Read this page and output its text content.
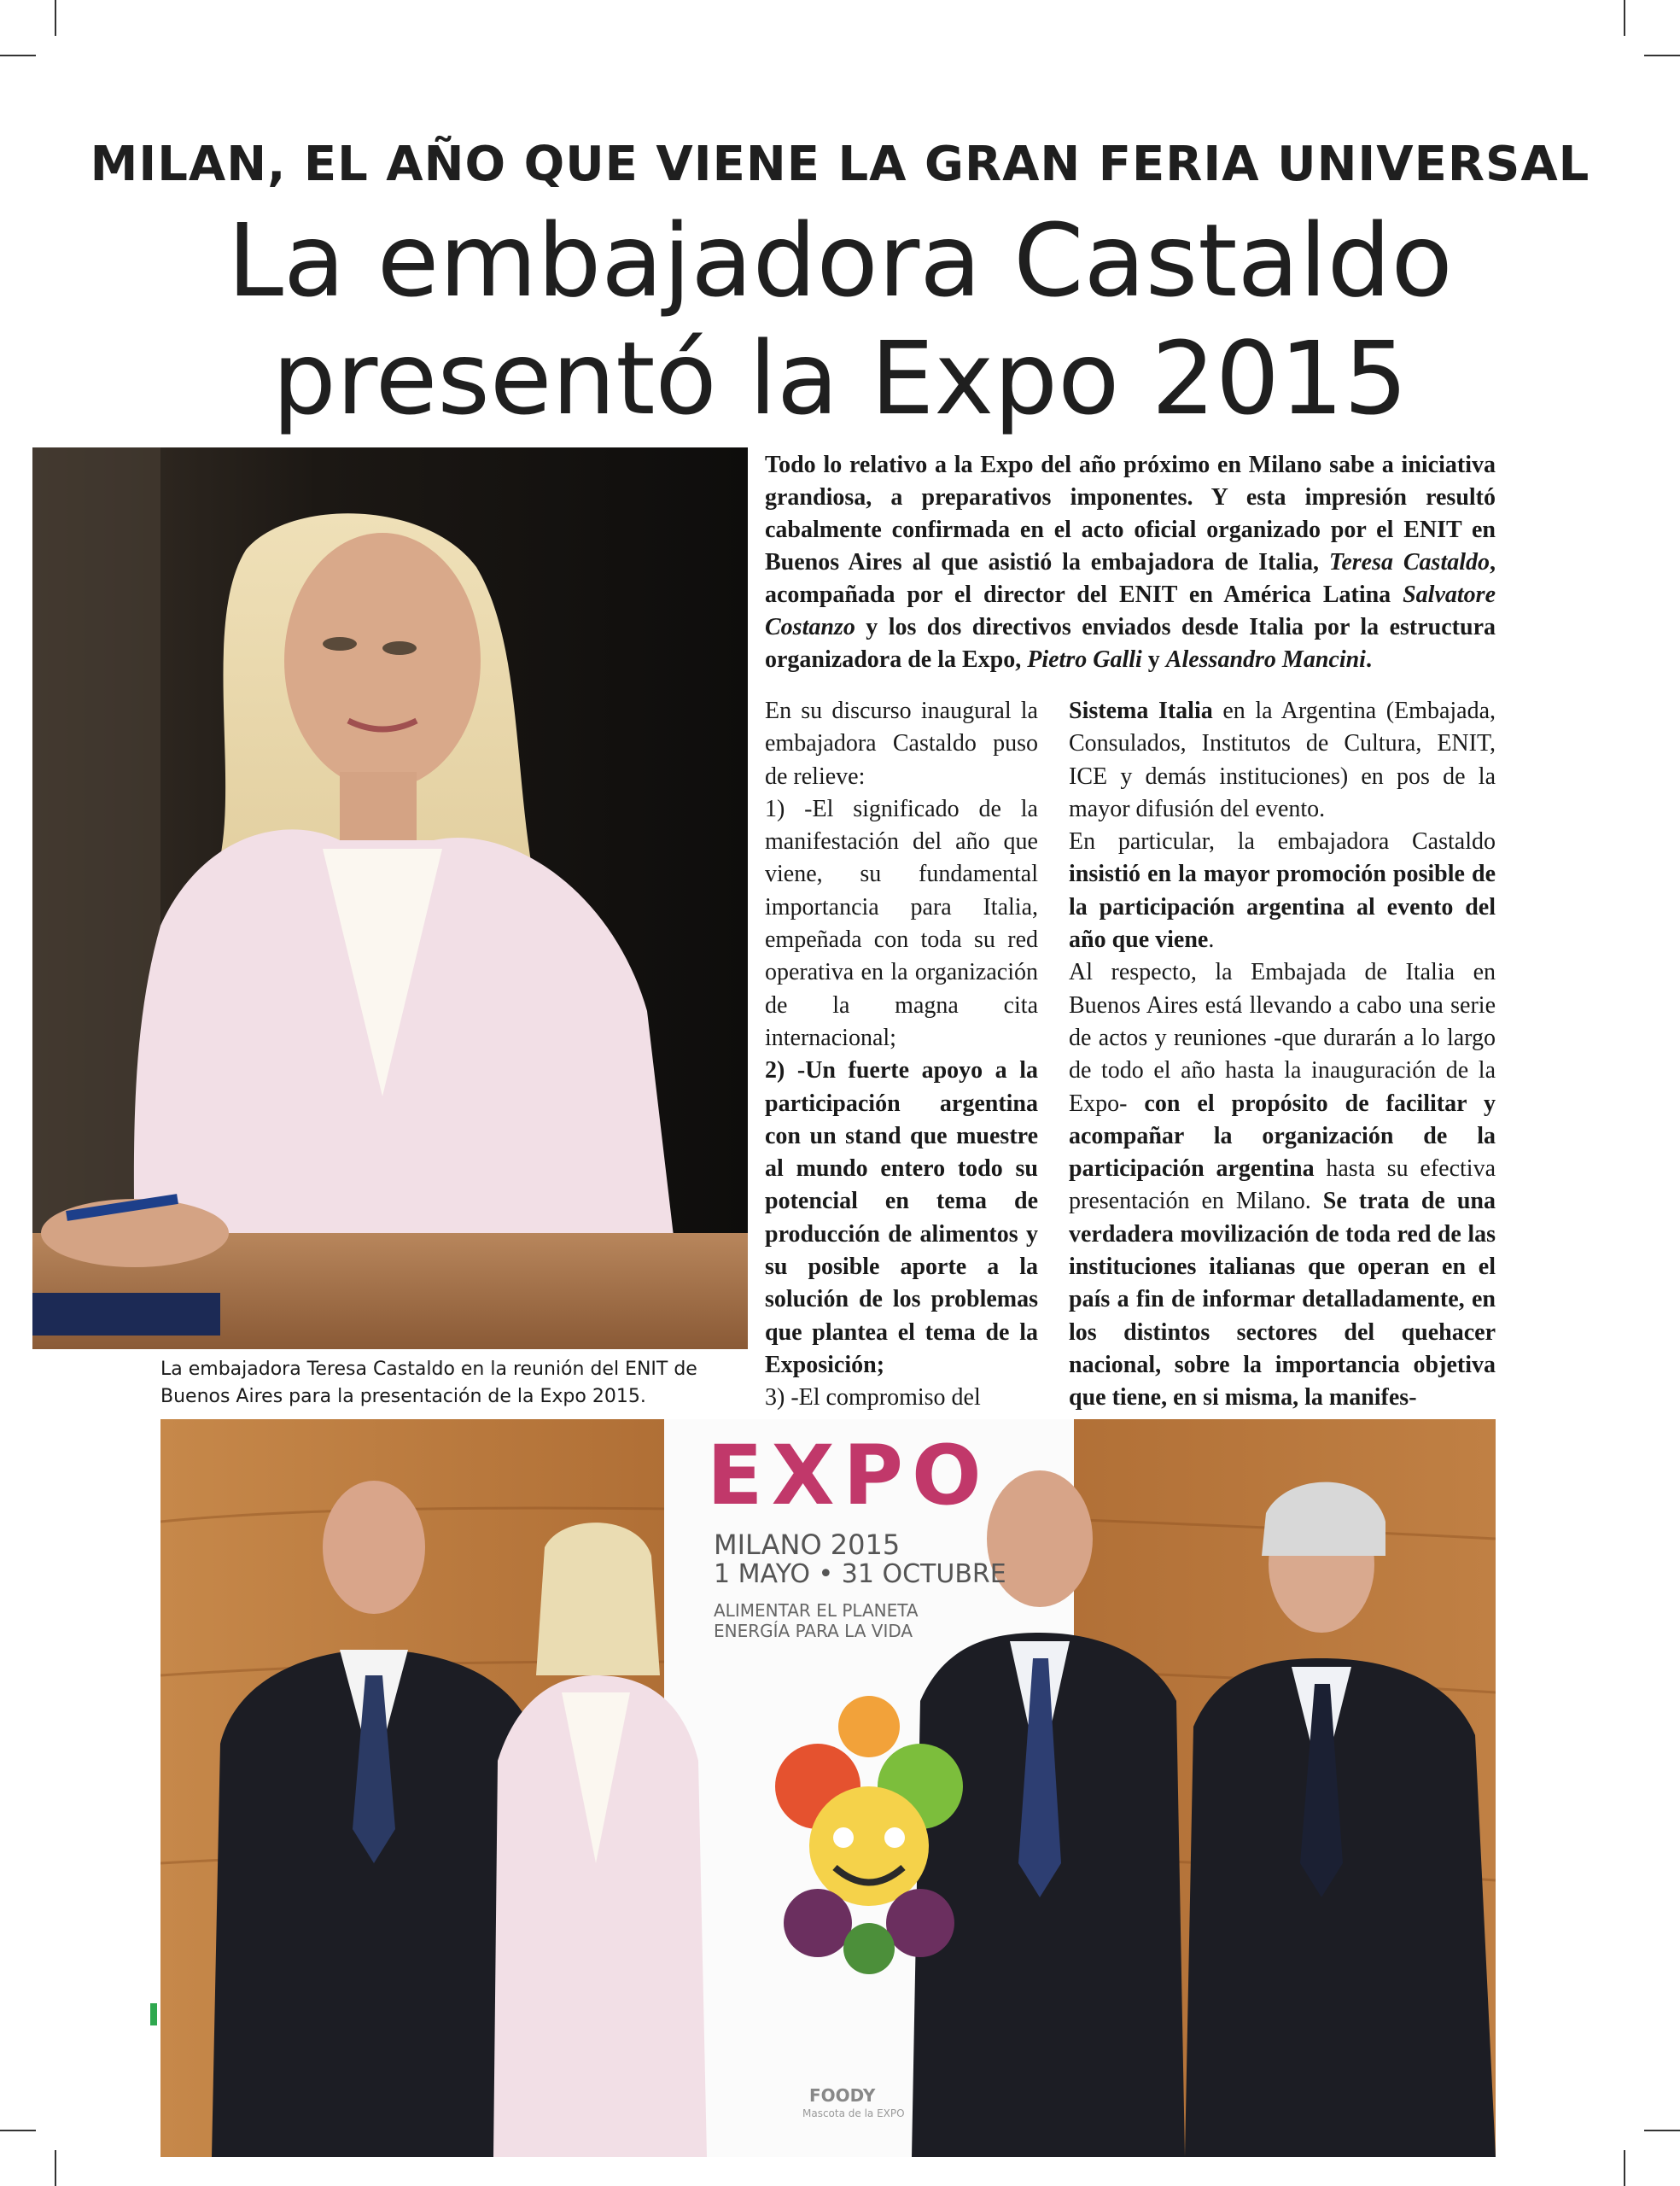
MILAN, EL AÑO QUE VIENE LA GRAN FERIA UNIVERSAL
La embajadora Castaldo
presentó la Expo 2015
La embajadora Teresa Castaldo en la reunión del ENIT de Buenos Aires para la presentación de la Expo 2015.
Todo lo relativo a la Expo del año próximo en Milano sabe a iniciativa grandiosa, a preparativos imponentes. Y esta impresión resultó cabalmente confirmada en el acto oficial organizado por el ENIT en Buenos Aires al que asistió la embajadora de Italia, Teresa Castaldo, acompañada por el director del ENIT en América Latina Salvatore Costanzo y los dos directivos enviados desde Italia por la estructura organizadora de la Expo, Pietro Galli y Alessandro Mancini.

En su discurso inaugural la embajadora Castaldo puso de relieve:

1) -El significado de la manifestación del año que viene, su fundamental importancia para Italia, empeñada con toda su red operativa en la organización de la magna cita internacional;

2) -Un fuerte apoyo a la participación argentina con un stand que muestre al mundo entero todo su potencial en tema de producción de alimentos y su posible aporte a la solución de los problemas que plantea el tema de la Exposición;

3) -El compromiso del

Sistema Italia en la Argentina (Embajada, Consulados, Institutos de Cultura, ENIT, ICE y demás instituciones) en pos de la mayor difusión del evento.

En particular, la embajadora Castaldo insistió en la mayor promoción posible de la participación argentina al evento del año que viene.

Al respecto, la Embajada de Italia en Buenos Aires está llevando a cabo una serie de actos y reuniones -que durarán a lo largo de todo el año hasta la inauguración de la Expo- con el propósito de facilitar y acompañar la organización de la participación argentina hasta su efectiva presentación en Milano. Se trata de una verdadera movilización de toda red de las instituciones italianas que operan en el país a fin de informar detalladamente, en los distintos sectores del quehacer nacional, sobre la importancia objetiva que tiene, en si misma, la manifes-

EXPO
MILANO 2015
1 MAYO • 31 OCTUBRE
ALIMENTAR EL PLANETA
ENERGÍA PARA LA VIDA
FOODY
Mascota de la EXPO
